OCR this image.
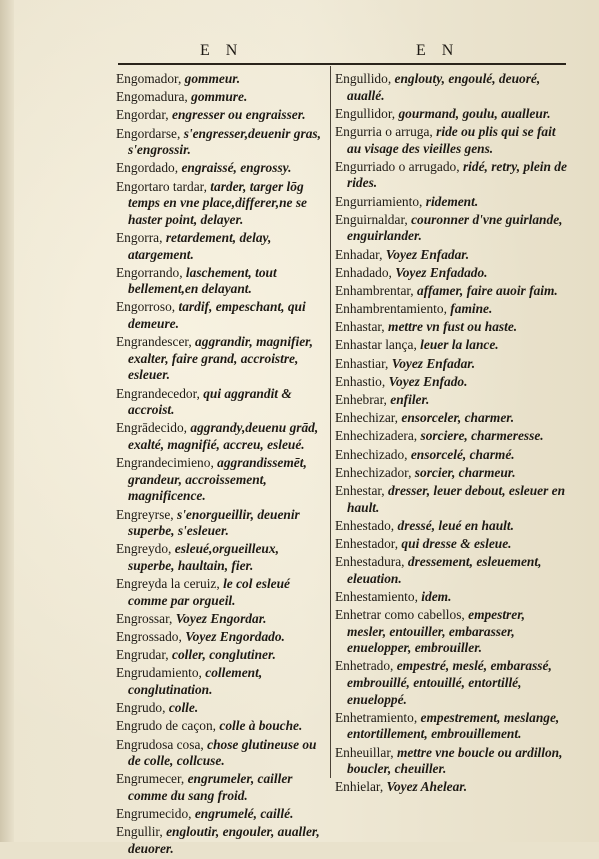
E N	E N

Engomador, gommeur.

Engomadura, gommure.

Engordar, engresser ou engraisser.

Engordarse, s'engresser,deuenir gras, s'engrossir.

Engordado, engraissé, engrossy.

Engortaro tardar, tarder, targer lōg temps en vne place,differer,ne se haster point, delayer.

Engorra, retardement, delay, atargement.

Engorrando, laschement, tout bellement,en delayant.

Engorroso, tardif, empeschant, qui demeure.

Engrandescer, aggrandir, magnifier, exalter, faire grand, accroistre, esleuer.

Engrandecedor, qui aggrandit & accroist.

Engrādecido, aggrandy,deuenu grād, exalté, magnifié, accreu, esleué.

Engrandecimieno, aggrandissemēt, grandeur, accroissement, magnificence.

Engreyrse, s'enorgueillir, deuenir superbe, s'esleuer.

Engreydo, esleué,orgueilleux, superbe, haultain, fier.

Engreyda la ceruiz, le col esleué comme par orgueil.

Engrossar, Voyez Engordar.

Engrossado, Voyez Engordado.

Engrudar, coller, conglutiner.

Engrudamiento, collement, conglutination.

Engrudo, colle.

Engrudo de caçon, colle à bouche.

Engrudosa cosa, chose glutineuse ou de colle, collcuse.

Engrumecer, engrumeler, cailler comme du sang froid.

Engrumecido, engrumelé, caillé.

Engullir, engloutir, engouler, aualler, deuorer.

Engullido, englouty, engoulé, deuoré, auallé.

Engullidor, gourmand, goulu, aualleur.

Engurria o arruga, ride ou plis qui se fait au visage des vieilles gens.

Engurriado o arrugado, ridé, retry, plein de rides.

Engurriamiento, ridement.

Enguirnaldar, couronner d'vne guirlande, enguirlander.

Enhadar, Voyez Enfadar.

Enhadado, Voyez Enfadado.

Enhambrentar, affamer, faire auoir faim.

Enhambrentamiento, famine.

Enhastar, mettre vn fust ou haste.

Enhastar lança, leuer la lance.

Enhastiar, Voyez Enfadar.

Enhastio, Voyez Enfado.

Enhebrar, enfiler.

Enhechizar, ensorceler, charmer.

Enhechizadera, sorciere, charmeresse.

Enhechizado, ensorcelé, charmé.

Enhechizador, sorcier, charmeur.

Enhestar, dresser, leuer debout, esleuer en hault.

Enhestado, dressé, leué en hault.

Enhestador, qui dresse & esleue.

Enhestadura, dressement, esleuement, eleuation.

Enhestamiento, idem.

Enhetrar como cabellos, empestrer, mesler, entouiller, embarasser, enuelopper, embrouiller.

Enhetrado, empestré, meslé, embarassé, embrouillé, entouillé, entortillé, enueloppé.

Enhetramiento, empestrement, meslange, entortillement, embrouillement.

Enheuillar, mettre vne boucle ou ardillon, boucler, cheuiller.

Enhielar, Voyez Ahelear.
